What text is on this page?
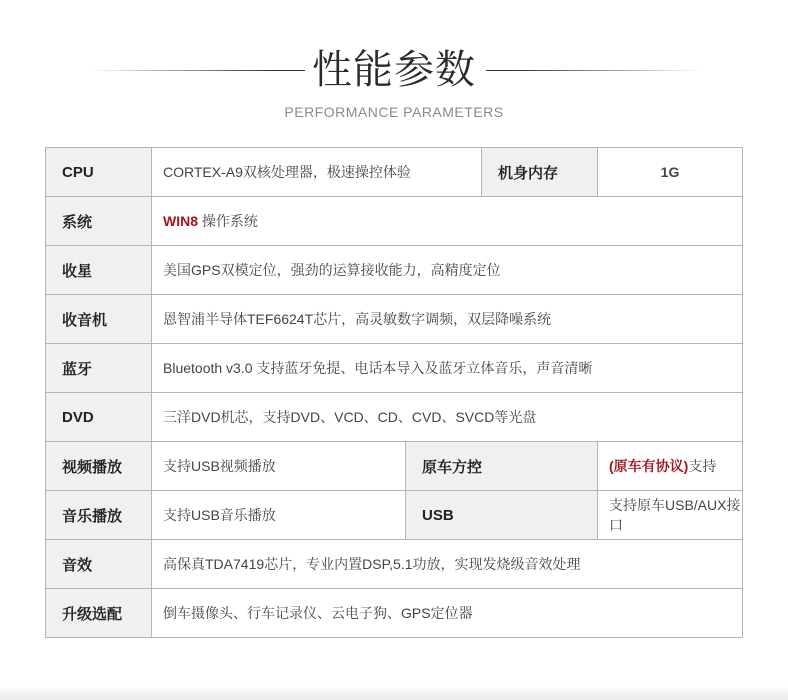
性能参数
PERFORMANCE PARAMETERS
CPU	CORTEX-A9双核处理器，极速操控体验		机身内存	1G
系统	WIN8 操作系统			
收星	美国GPS双模定位，强劲的运算接收能力，高精度定位			
收音机	恩智浦半导体TEF6624T芯片，高灵敏数字调频，双层降噪系统			
蓝牙	Bluetooth v3.0 支持蓝牙免提、电话本导入及蓝牙立体音乐，声音清晰			
DVD	三洋DVD机芯，支持DVD、VCD、CD、CVD、SVCD等光盘			
视频播放	支持USB视频播放	原车方控		(原车有协议)支持
音乐播放	支持USB音乐播放	USB		支持原车USB/AUX接口
音效	高保真TDA7419芯片，专业内置DSP,5.1功放，实现发烧级音效处理			
升级选配	倒车摄像头、行车记录仪、云电子狗、GPS定位器			
